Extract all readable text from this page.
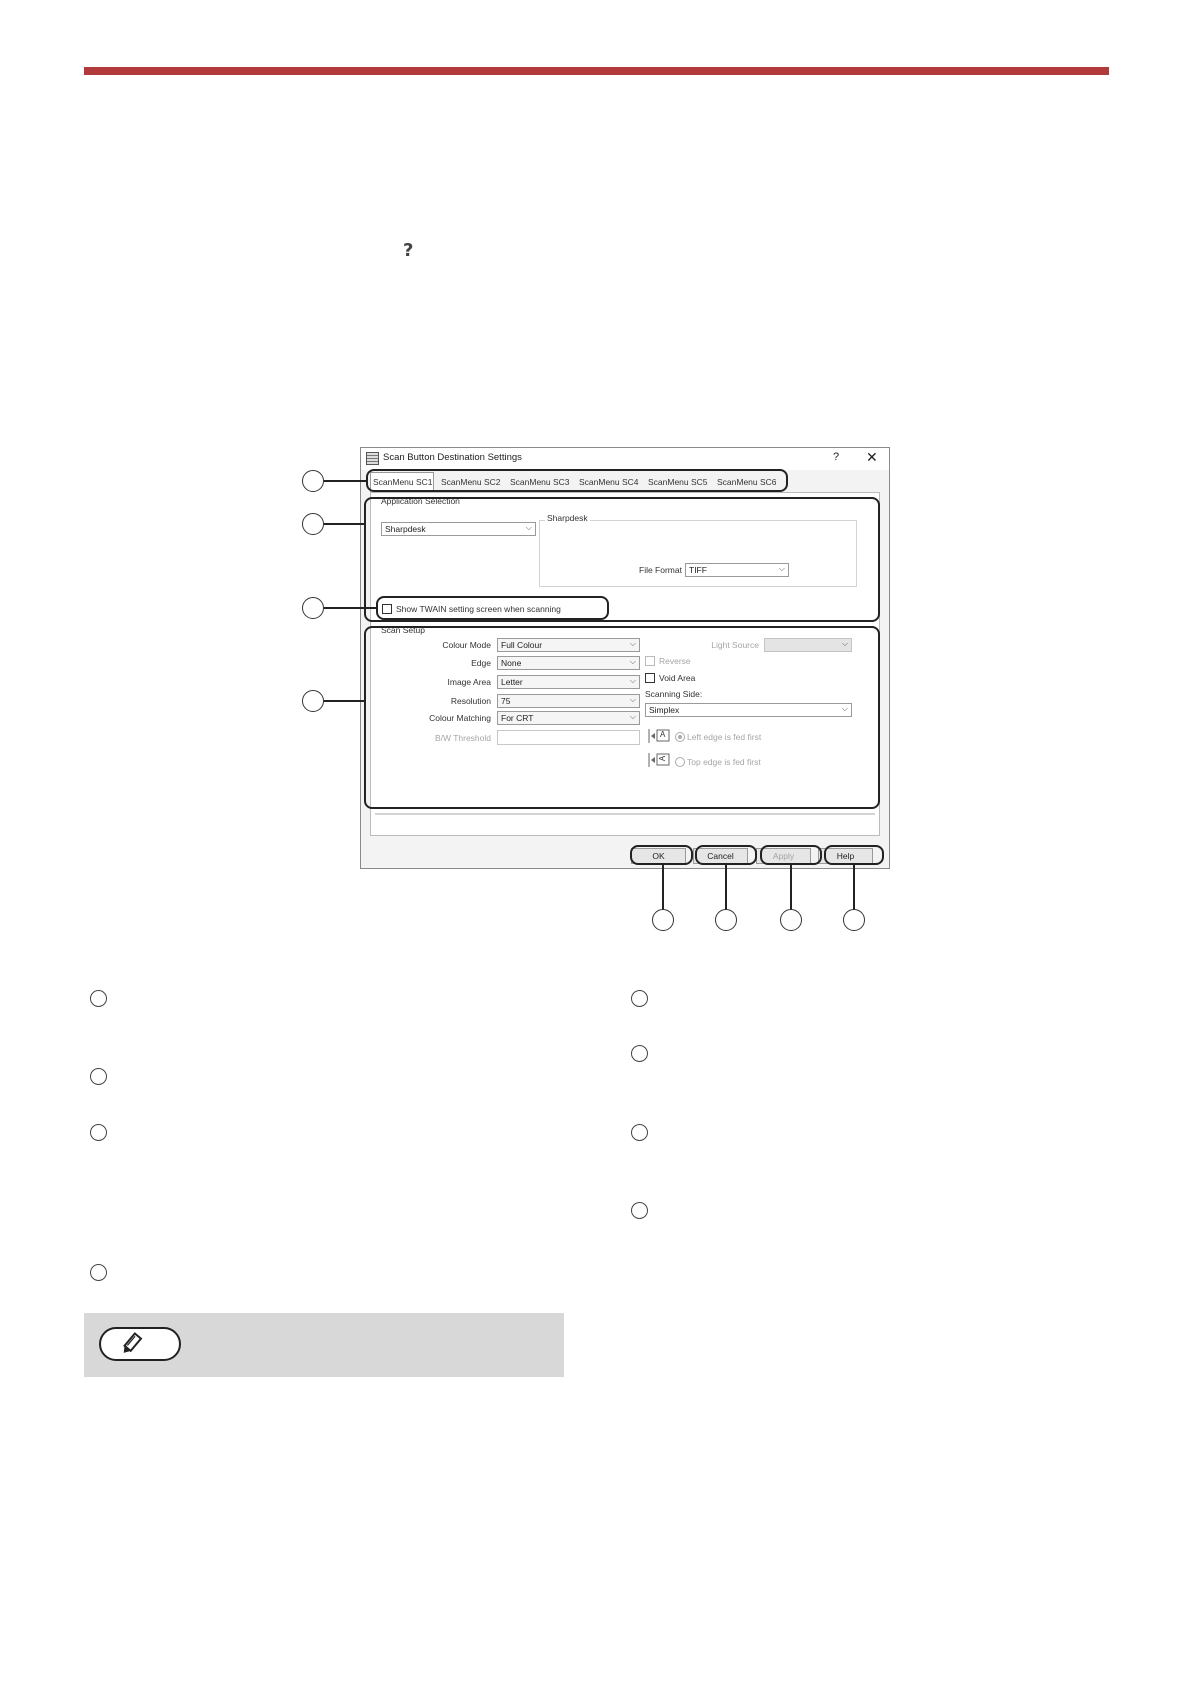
?
Scan Button Destination Settings	? ✕
ScanMenu SC1 ScanMenu SC2	ScanMenu SC3	ScanMenu SC4	ScanMenu SC5	ScanMenu SC6
Application Selection
Sharpdesk	⌵
Sharpdesk
File Format TIFF	⌵
Show TWAIN setting screen when scanning
Scan Setup
Colour Mode	Full Colour	⌵
Edge	None	⌵
Image Area	Letter	⌵
Resolution	75	⌵
Colour Matching	For CRT	⌵
B/W Threshold
Light Source	⌵
Reverse
Void Area
Scanning Side:
Simplex	⌵
A	Left edge is fed first
A Top edge is fed first
OK	Cancel	Apply	Help
